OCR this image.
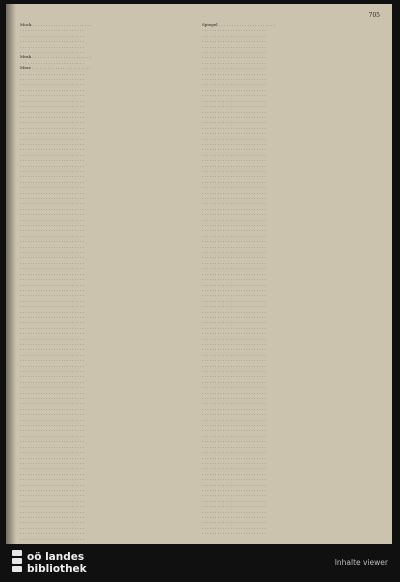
705

Mock . . . . . . . . . . . . . . . . . . . . . . .

. . . . . . . . . . . . . . . . . . . . . . . . .

. . . . . . . . . . . . . . . . . . . . . . . . .

. . . . . . . . . . . . . . . . . . . . . . . . .

. . . . . . . . . . . . . . . . . . . . . . . . .

. . . . . . . . . . . . . . . . . . . . . . . . .

Mrak . . . . . . . . . . . . . . . . . . . . . . .

. . . . . . . . . . . . . . . . . . . . . . . . .

Mraz . . . . . . . . . . . . . . . . . . . . . . .

. . . . . . . . . . . . . . . . . . . . . . . . .

. . . . . . . . . . . . . . . . . . . . . . . . .

. . . . . . . . . . . . . . . . . . . . . . . . .

. . . . . . . . . . . . . . . . . . . . . . . . .

. . . . . . . . . . . . . . . . . . . . . . . . .

. . . . . . . . . . . . . . . . . . . . . . . . .

. . . . . . . . . . . . . . . . . . . . . . . . .

. . . . . . . . . . . . . . . . . . . . . . . . .

. . . . . . . . . . . . . . . . . . . . . . . . .

. . . . . . . . . . . . . . . . . . . . . . . . .

. . . . . . . . . . . . . . . . . . . . . . . . .

. . . . . . . . . . . . . . . . . . . . . . . . .

. . . . . . . . . . . . . . . . . . . . . . . . .

. . . . . . . . . . . . . . . . . . . . . . . . .

. . . . . . . . . . . . . . . . . . . . . . . . .

. . . . . . . . . . . . . . . . . . . . . . . . .

. . . . . . . . . . . . . . . . . . . . . . . . .

. . . . . . . . . . . . . . . . . . . . . . . . .

. . . . . . . . . . . . . . . . . . . . . . . . .

. . . . . . . . . . . . . . . . . . . . . . . . .

. . . . . . . . . . . . . . . . . . . . . . . . .

. . . . . . . . . . . . . . . . . . . . . . . . .

. . . . . . . . . . . . . . . . . . . . . . . . .

. . . . . . . . . . . . . . . . . . . . . . . . .

. . . . . . . . . . . . . . . . . . . . . . . . .

. . . . . . . . . . . . . . . . . . . . . . . . .

. . . . . . . . . . . . . . . . . . . . . . . . .

. . . . . . . . . . . . . . . . . . . . . . . . .

. . . . . . . . . . . . . . . . . . . . . . . . .

. . . . . . . . . . . . . . . . . . . . . . . . .

. . . . . . . . . . . . . . . . . . . . . . . . .

. . . . . . . . . . . . . . . . . . . . . . . . .

. . . . . . . . . . . . . . . . . . . . . . . . .

. . . . . . . . . . . . . . . . . . . . . . . . .

. . . . . . . . . . . . . . . . . . . . . . . . .

. . . . . . . . . . . . . . . . . . . . . . . . .

. . . . . . . . . . . . . . . . . . . . . . . . .

. . . . . . . . . . . . . . . . . . . . . . . . .

. . . . . . . . . . . . . . . . . . . . . . . . .

. . . . . . . . . . . . . . . . . . . . . . . . .

. . . . . . . . . . . . . . . . . . . . . . . . .

. . . . . . . . . . . . . . . . . . . . . . . . .

. . . . . . . . . . . . . . . . . . . . . . . . .

. . . . . . . . . . . . . . . . . . . . . . . . .

. . . . . . . . . . . . . . . . . . . . . . . . .

. . . . . . . . . . . . . . . . . . . . . . . . .

. . . . . . . . . . . . . . . . . . . . . . . . .

. . . . . . . . . . . . . . . . . . . . . . . . .

. . . . . . . . . . . . . . . . . . . . . . . . .

. . . . . . . . . . . . . . . . . . . . . . . . .

. . . . . . . . . . . . . . . . . . . . . . . . .

. . . . . . . . . . . . . . . . . . . . . . . . .

. . . . . . . . . . . . . . . . . . . . . . . . .

. . . . . . . . . . . . . . . . . . . . . . . . .

. . . . . . . . . . . . . . . . . . . . . . . . .

. . . . . . . . . . . . . . . . . . . . . . . . .

. . . . . . . . . . . . . . . . . . . . . . . . .

. . . . . . . . . . . . . . . . . . . . . . . . .

. . . . . . . . . . . . . . . . . . . . . . . . .

. . . . . . . . . . . . . . . . . . . . . . . . .

. . . . . . . . . . . . . . . . . . . . . . . . .

. . . . . . . . . . . . . . . . . . . . . . . . .

. . . . . . . . . . . . . . . . . . . . . . . . .

. . . . . . . . . . . . . . . . . . . . . . . . .

. . . . . . . . . . . . . . . . . . . . . . . . .

. . . . . . . . . . . . . . . . . . . . . . . . .

. . . . . . . . . . . . . . . . . . . . . . . . .

. . . . . . . . . . . . . . . . . . . . . . . . .

. . . . . . . . . . . . . . . . . . . . . . . . .

. . . . . . . . . . . . . . . . . . . . . . . . .

. . . . . . . . . . . . . . . . . . . . . . . . .

. . . . . . . . . . . . . . . . . . . . . . . . .

. . . . . . . . . . . . . . . . . . . . . . . . .

. . . . . . . . . . . . . . . . . . . . . . . . .

. . . . . . . . . . . . . . . . . . . . . . . . .

. . . . . . . . . . . . . . . . . . . . . . . . .

. . . . . . . . . . . . . . . . . . . . . . . . .

. . . . . . . . . . . . . . . . . . . . . . . . .

. . . . . . . . . . . . . . . . . . . . . . . . .

. . . . . . . . . . . . . . . . . . . . . . . . .

. . . . . . . . . . . . . . . . . . . . . . . . .

. . . . . . . . . . . . . . . . . . . . . . . . .

. . . . . . . . . . . . . . . . . . . . . . . . .

. . . . . . . . . . . . . . . . . . . . . . . . .

. . . . . . . . . . . . . . . . . . . . . . . . .

. . . . . . . . . . . . . . . . . . . . . . . . .

. . . . . . . . . . . . . . . . . . . . . . . . .

Spiegel . . . . . . . . . . . . . . . . . . . . . .

. . . . . . . . . . . . . . . . . . . . . . . . .

. . . . . . . . . . . . . . . . . . . . . . . . .

. . . . . . . . . . . . . . . . . . . . . . . . .

. . . . . . . . . . . . . . . . . . . . . . . . .

. . . . . . . . . . . . . . . . . . . . . . . . .

. . . . . . . . . . . . . . . . . . . . . . . . .

. . . . . . . . . . . . . . . . . . . . . . . . .

. . . . . . . . . . . . . . . . . . . . . . . . .

. . . . . . . . . . . . . . . . . . . . . . . . .

. . . . . . . . . . . . . . . . . . . . . . . . .

. . . . . . . . . . . . . . . . . . . . . . . . .

. . . . . . . . . . . . . . . . . . . . . . . . .

. . . . . . . . . . . . . . . . . . . . . . . . .

. . . . . . . . . . . . . . . . . . . . . . . . .

. . . . . . . . . . . . . . . . . . . . . . . . .

. . . . . . . . . . . . . . . . . . . . . . . . .

. . . . . . . . . . . . . . . . . . . . . . . . .

. . . . . . . . . . . . . . . . . . . . . . . . .

. . . . . . . . . . . . . . . . . . . . . . . . .

. . . . . . . . . . . . . . . . . . . . . . . . .

. . . . . . . . . . . . . . . . . . . . . . . . .

. . . . . . . . . . . . . . . . . . . . . . . . .

. . . . . . . . . . . . . . . . . . . . . . . . .

. . . . . . . . . . . . . . . . . . . . . . . . .

. . . . . . . . . . . . . . . . . . . . . . . . .

. . . . . . . . . . . . . . . . . . . . . . . . .

. . . . . . . . . . . . . . . . . . . . . . . . .

. . . . . . . . . . . . . . . . . . . . . . . . .

. . . . . . . . . . . . . . . . . . . . . . . . .

. . . . . . . . . . . . . . . . . . . . . . . . .

. . . . . . . . . . . . . . . . . . . . . . . . .

. . . . . . . . . . . . . . . . . . . . . . . . .

. . . . . . . . . . . . . . . . . . . . . . . . .

. . . . . . . . . . . . . . . . . . . . . . . . .

. . . . . . . . . . . . . . . . . . . . . . . . .

. . . . . . . . . . . . . . . . . . . . . . . . .

. . . . . . . . . . . . . . . . . . . . . . . . .

. . . . . . . . . . . . . . . . . . . . . . . . .

. . . . . . . . . . . . . . . . . . . . . . . . .

. . . . . . . . . . . . . . . . . . . . . . . . .

. . . . . . . . . . . . . . . . . . . . . . . . .

. . . . . . . . . . . . . . . . . . . . . . . . .

. . . . . . . . . . . . . . . . . . . . . . . . .

. . . . . . . . . . . . . . . . . . . . . . . . .

. . . . . . . . . . . . . . . . . . . . . . . . .

. . . . . . . . . . . . . . . . . . . . . . . . .

. . . . . . . . . . . . . . . . . . . . . . . . .

. . . . . . . . . . . . . . . . . . . . . . . . .

. . . . . . . . . . . . . . . . . . . . . . . . .

. . . . . . . . . . . . . . . . . . . . . . . . .

. . . . . . . . . . . . . . . . . . . . . . . . .

. . . . . . . . . . . . . . . . . . . . . . . . .

. . . . . . . . . . . . . . . . . . . . . . . . .

. . . . . . . . . . . . . . . . . . . . . . . . .

. . . . . . . . . . . . . . . . . . . . . . . . .

. . . . . . . . . . . . . . . . . . . . . . . . .

. . . . . . . . . . . . . . . . . . . . . . . . .

. . . . . . . . . . . . . . . . . . . . . . . . .

. . . . . . . . . . . . . . . . . . . . . . . . .

. . . . . . . . . . . . . . . . . . . . . . . . .

. . . . . . . . . . . . . . . . . . . . . . . . .

. . . . . . . . . . . . . . . . . . . . . . . . .

. . . . . . . . . . . . . . . . . . . . . . . . .

. . . . . . . . . . . . . . . . . . . . . . . . .

. . . . . . . . . . . . . . . . . . . . . . . . .

. . . . . . . . . . . . . . . . . . . . . . . . .

. . . . . . . . . . . . . . . . . . . . . . . . .

. . . . . . . . . . . . . . . . . . . . . . . . .

. . . . . . . . . . . . . . . . . . . . . . . . .

. . . . . . . . . . . . . . . . . . . . . . . . .

. . . . . . . . . . . . . . . . . . . . . . . . .

. . . . . . . . . . . . . . . . . . . . . . . . .

. . . . . . . . . . . . . . . . . . . . . . . . .

. . . . . . . . . . . . . . . . . . . . . . . . .

. . . . . . . . . . . . . . . . . . . . . . . . .

. . . . . . . . . . . . . . . . . . . . . . . . .

. . . . . . . . . . . . . . . . . . . . . . . . .

. . . . . . . . . . . . . . . . . . . . . . . . .

. . . . . . . . . . . . . . . . . . . . . . . . .

. . . . . . . . . . . . . . . . . . . . . . . . .

. . . . . . . . . . . . . . . . . . . . . . . . .

. . . . . . . . . . . . . . . . . . . . . . . . .

. . . . . . . . . . . . . . . . . . . . . . . . .

. . . . . . . . . . . . . . . . . . . . . . . . .

. . . . . . . . . . . . . . . . . . . . . . . . .

. . . . . . . . . . . . . . . . . . . . . . . . .

. . . . . . . . . . . . . . . . . . . . . . . . .

. . . . . . . . . . . . . . . . . . . . . . . . .

. . . . . . . . . . . . . . . . . . . . . . . . .

. . . . . . . . . . . . . . . . . . . . . . . . .

. . . . . . . . . . . . . . . . . . . . . . . . .

. . . . . . . . . . . . . . . . . . . . . . . . .

. . . . . . . . . . . . . . . . . . . . . . . . .

. . . . . . . . . . . . . . . . . . . . . . . . .

oö landes
bibliothek
Inhalte viewer
